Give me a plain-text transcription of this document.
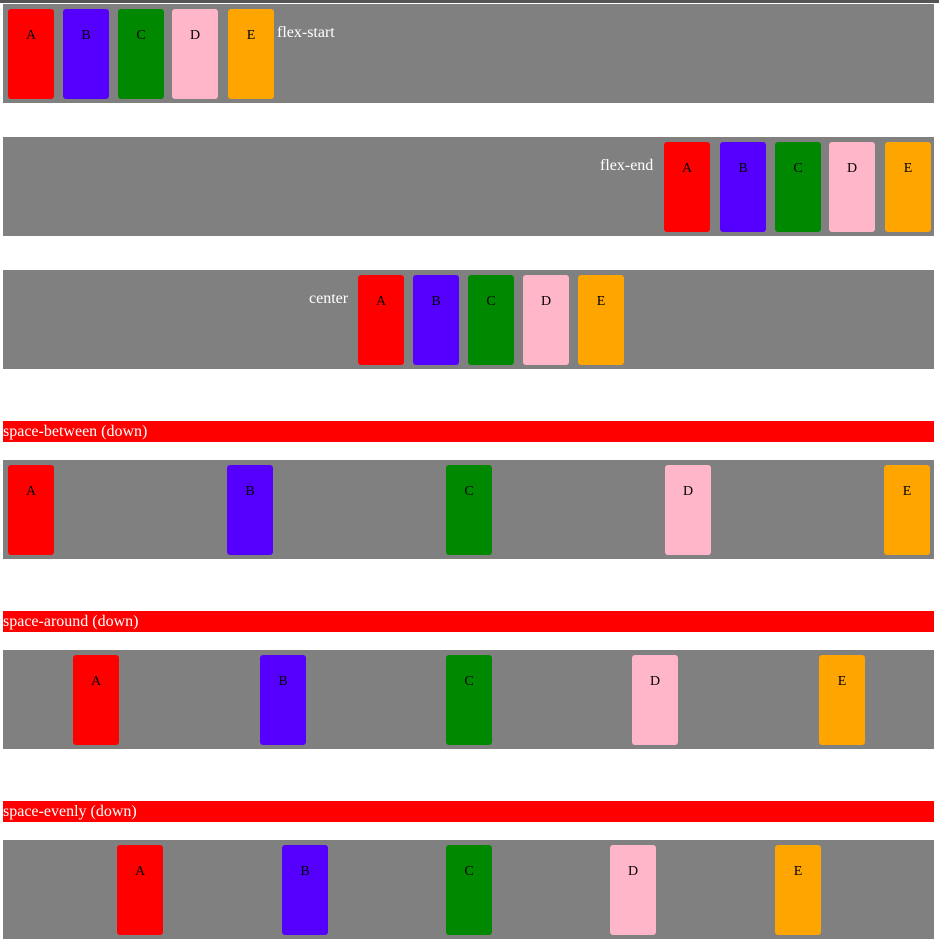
A	B	C	D	E	flex-start
flex-end	A	B	C	D	E
center	A	B	C	D	E
space-between (down)
A	B	C	D	E
space-around (down)
A	B	C	D	E
space-evenly (down)
A	B	C	D	E
